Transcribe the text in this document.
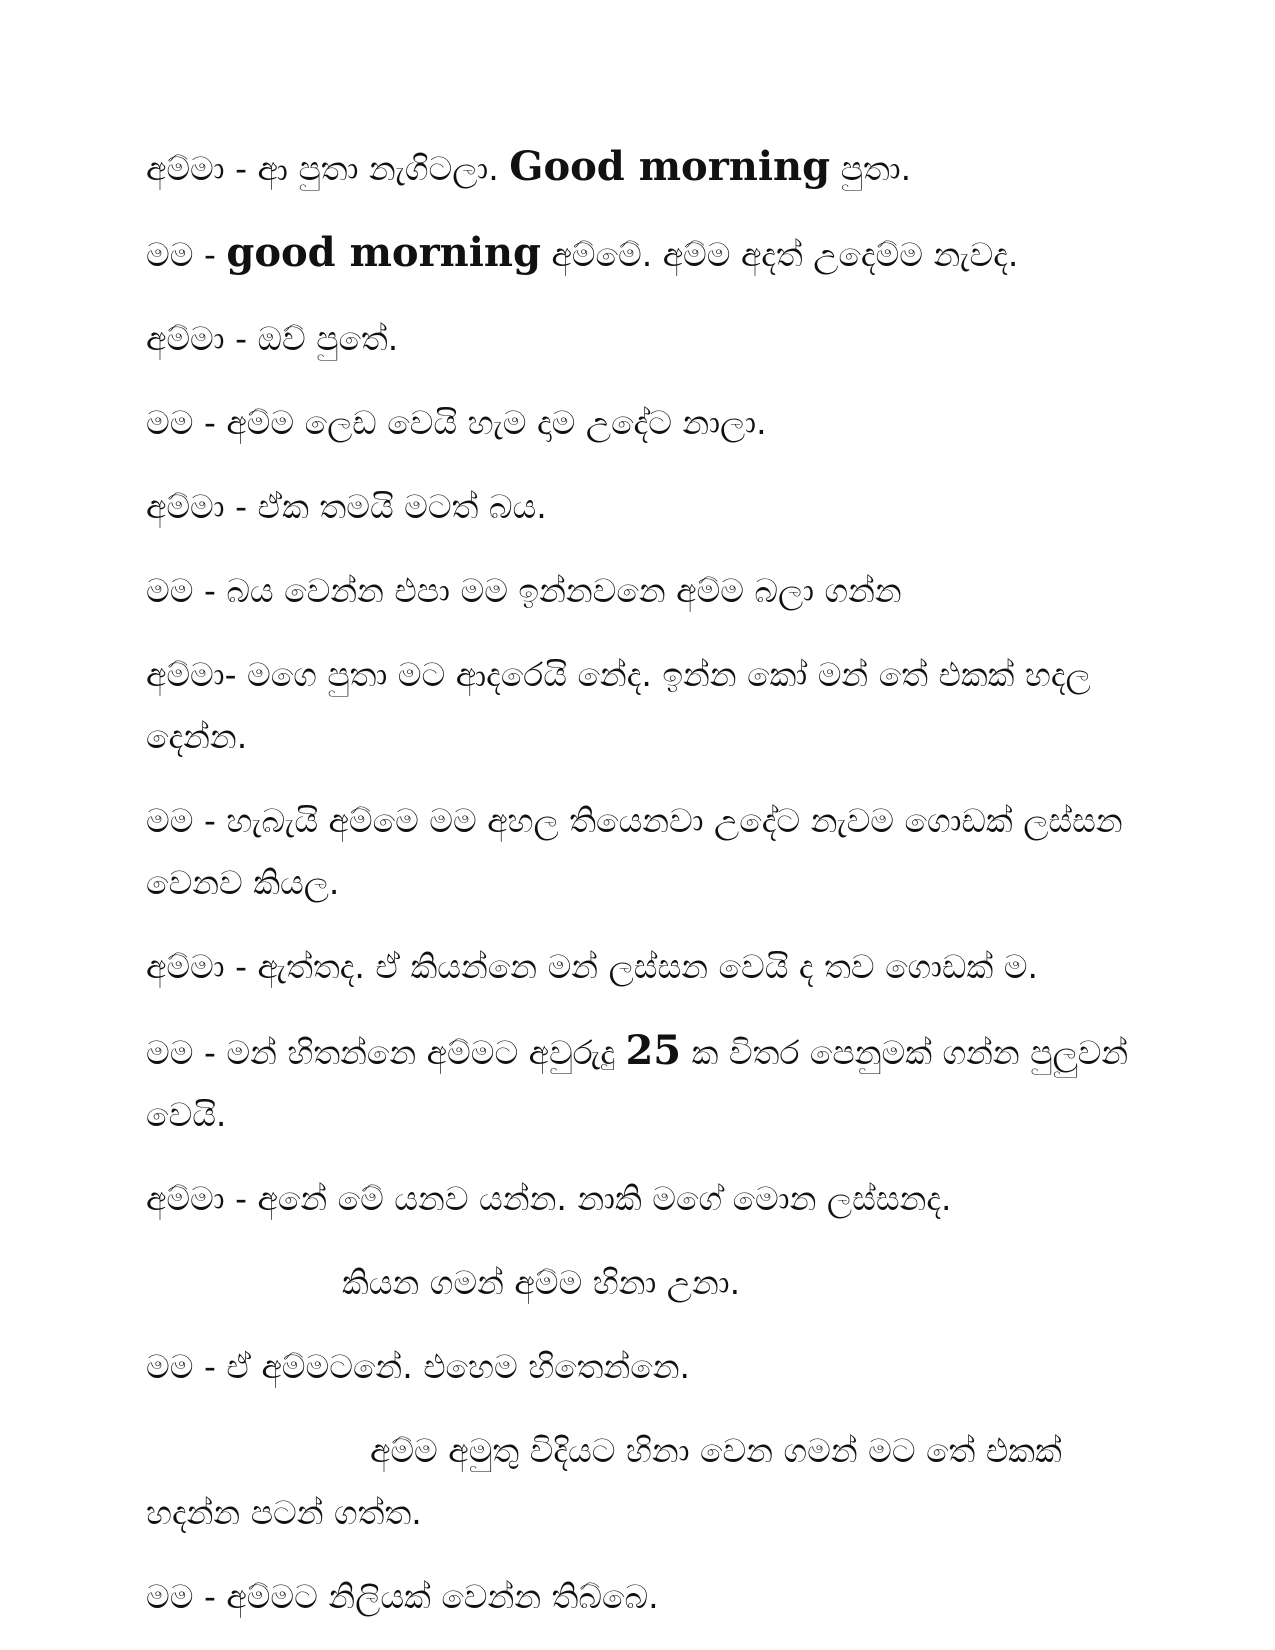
අම්මා - ආ පුතා නැගිටලා. Good morning පුතා.

මම - good morning අම්මේ. අම්ම අදත් උදෙම්ම නැවද.

අම්මා - ඔව් පුතේ.

මම - අම්ම ලෙඩ වෙයි හැම දාම උදේට නාලා.

අම්මා - ඒක තමයි මටත් බය.

මම - බය වෙන්න එපා මම ඉන්නවනෙ අම්ම බලා ගන්න

අම්මා- මගෙ පුතා මට ආදරෙයි නේද. ඉන්න කෝ මන් තේ එකක් හදල දෙන්න.

මම - හැබැයි අම්මෙ මම අහල තියෙනවා උදේට නැවම ගොඩක් ලස්සන වෙනව කියල.

අම්මා - ඇත්තද. ඒ කියන්නෙ මන් ලස්සන වෙයි ද තව ගොඩක් ම.

මම - මන් හිතන්නෙ අම්මට අවුරුදු 25 ක විතර පෙනුමක් ගන්න පුලුවන් වෙයි.

අම්මා - අනේ මේ යනව යන්න. නාකි මගේ මොන ලස්සනද.

කියන ගමන් අම්ම හිනා උනා.

මම - ඒ අම්මටනේ. එහෙම හිතෙන්නෙ.

අම්ම අමුතු විදියට හිනා වෙන ගමන් මට තේ එකක් හදන්න පටන් ගත්ත.

මම - අම්මට නිලියක් වෙන්න තිබ්බෙ.
